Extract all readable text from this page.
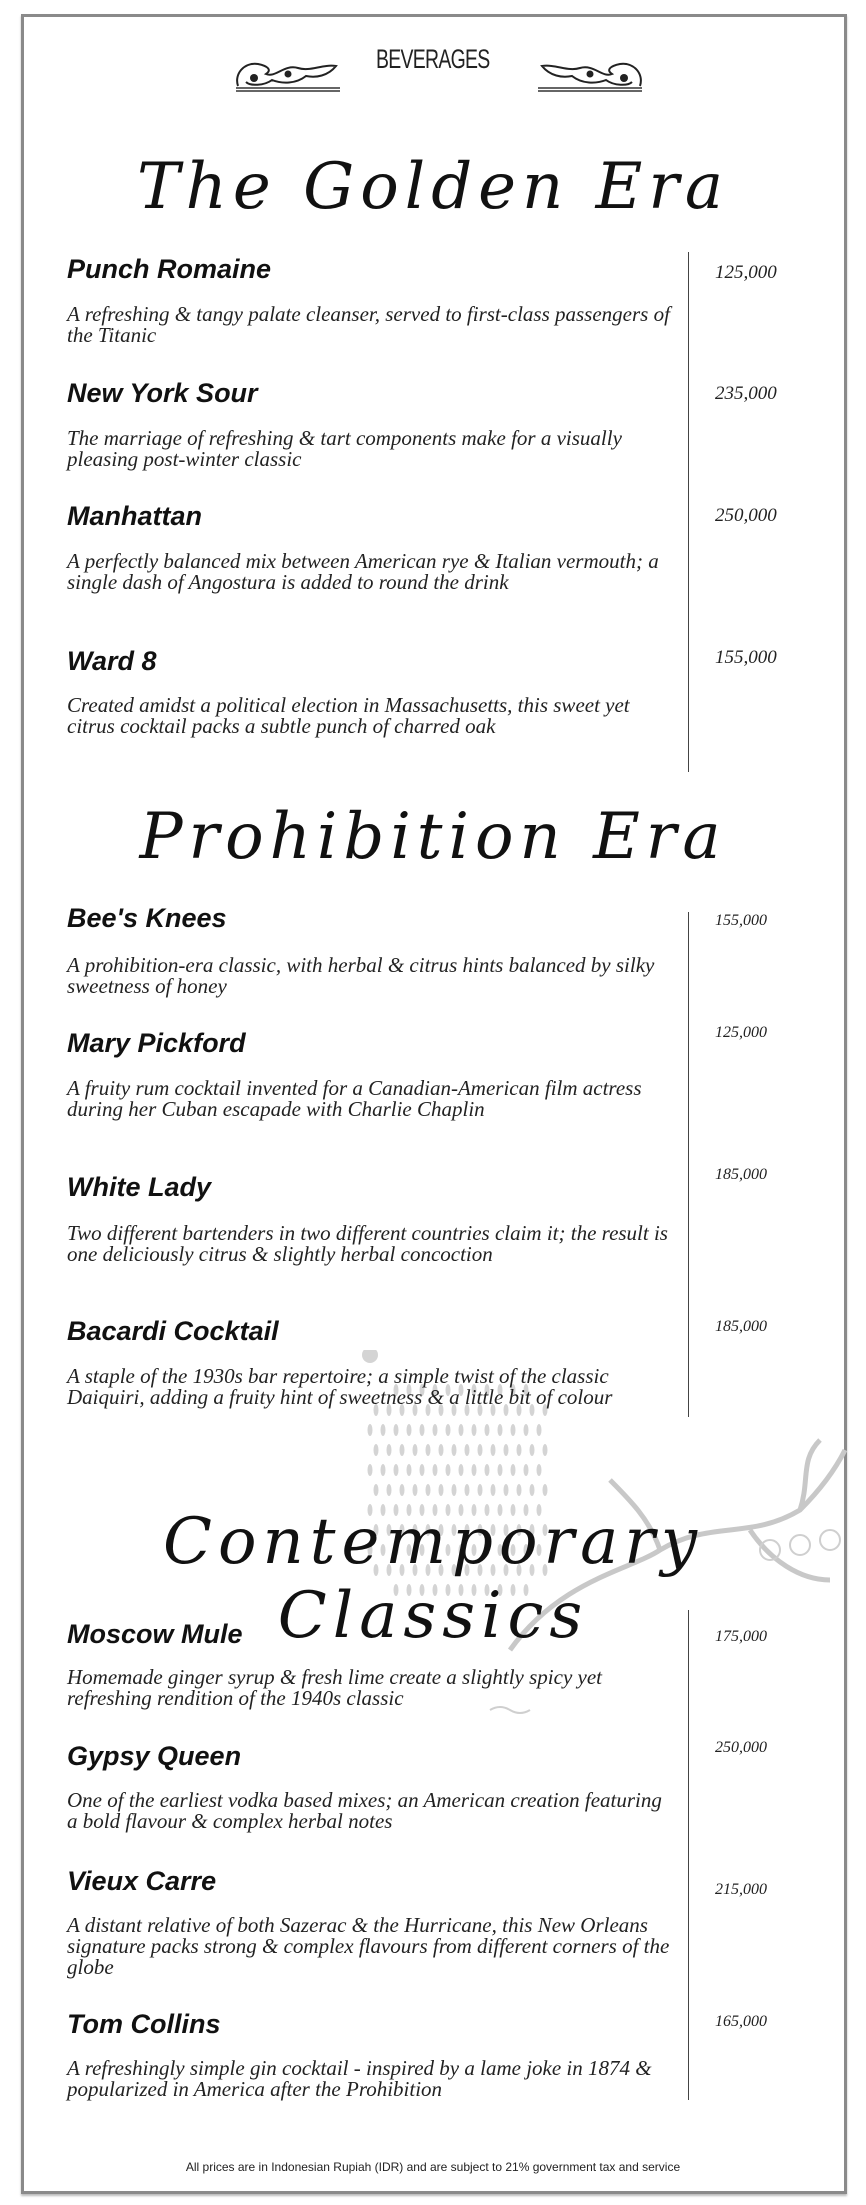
BEVERAGES
The Golden Era
Punch Romaine	125,000
A refreshing & tangy palate cleanser, served to first-class passengers of the Titanic
New York Sour	235,000
The marriage of refreshing & tart components make for a visually pleasing post-winter classic
Manhattan	250,000
A perfectly balanced mix between American rye & Italian vermouth; a single dash of Angostura is added to round the drink
Ward 8	155,000
Created amidst a political election in Massachusetts, this sweet yet citrus cocktail packs a subtle punch of charred oak
Prohibition Era
Bee's Knees	155,000
A prohibition-era classic, with herbal & citrus hints balanced by silky sweetness of honey
Mary Pickford	125,000
A fruity rum cocktail invented for a Canadian-American film actress during her Cuban escapade with Charlie Chaplin
White Lady	185,000
Two different bartenders in two different countries claim it; the result is one deliciously citrus & slightly herbal concoction
Bacardi Cocktail	185,000
A staple of the 1930s bar repertoire; a simple twist of the classic Daiquiri, adding a fruity hint of sweetness & a little bit of colour
Contemporary Classics
Moscow Mule	175,000
Homemade ginger syrup & fresh lime create a slightly spicy yet refreshing rendition of the 1940s classic
Gypsy Queen	250,000
One of the earliest vodka based mixes; an American creation featuring a bold flavour & complex herbal notes
Vieux Carre	215,000
A distant relative of both Sazerac & the Hurricane, this New Orleans signature packs strong & complex flavours from different corners of the globe
Tom Collins	165,000
A refreshingly simple gin cocktail - inspired by a lame joke in 1874 & popularized in America after the Prohibition
All prices are in Indonesian Rupiah (IDR) and are subject to 21% government tax and service
